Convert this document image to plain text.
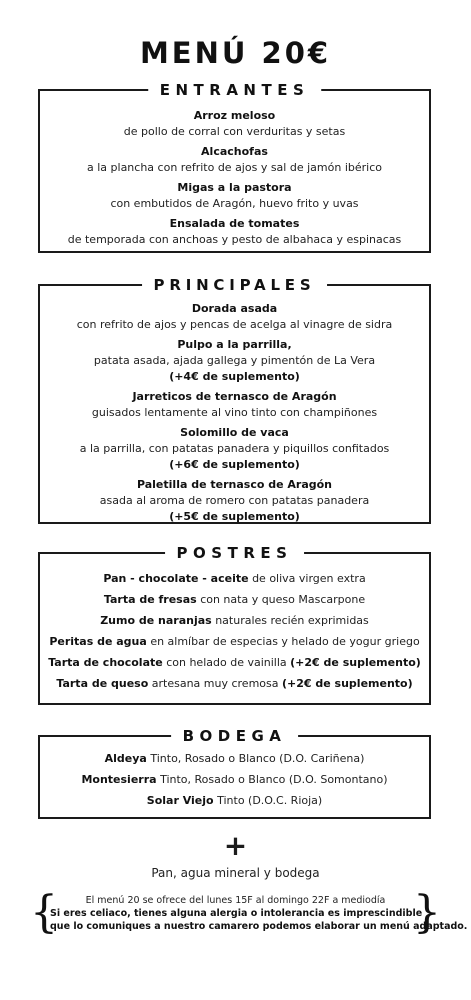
MENÚ 20€
ENTRANTES
Arroz meloso
de pollo de corral con verduritas y setas
Alcachofas
a la plancha con refrito de ajos y sal de jamón ibérico
Migas a la pastora
con embutidos de Aragón, huevo frito y uvas
Ensalada de tomates
de temporada con anchoas y pesto de albahaca y espinacas
PRINCIPALES
Dorada asada
con refrito de ajos y pencas de acelga al vinagre de sidra
Pulpo a la parrilla,
patata asada, ajada gallega y pimentón de La Vera
(+4€ de suplemento)
Jarreticos de ternasco de Aragón
guisados lentamente al vino tinto con champiñones
Solomillo de vaca
a la parrilla, con patatas panadera y piquillos confitados
(+6€ de suplemento)
Paletilla de ternasco de Aragón
asada al aroma de romero con patatas panadera
(+5€ de suplemento)
POSTRES
Pan - chocolate - aceite de oliva virgen extra
Tarta de fresas con nata y queso Mascarpone
Zumo de naranjas naturales recién exprimidas
Peritas de agua en almíbar de especias y helado de yogur griego
Tarta de chocolate con helado de vainilla (+2€ de suplemento)
Tarta de queso artesana muy cremosa (+2€ de suplemento)
BODEGA
Aldeya Tinto, Rosado o Blanco (D.O. Cariñena)
Montesierra Tinto, Rosado o Blanco (D.O. Somontano)
Solar Viejo Tinto (D.O.C. Rioja)
+
Pan, agua mineral y bodega
{	El menú 20 se ofrece del lunes 15F al domingo 22F a mediodía
Si eres celiaco, tienes alguna alergia o intolerancia es imprescindible
que lo comuniques a nuestro camarero podemos elaborar un menú adaptado.
}
